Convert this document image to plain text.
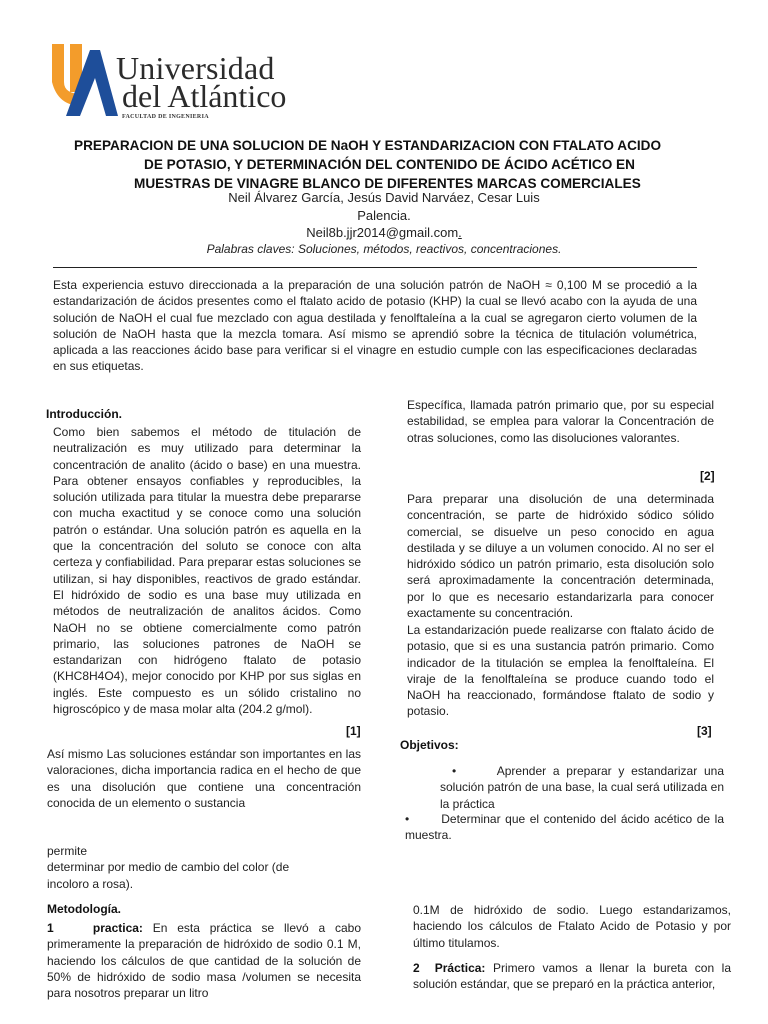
Universidad
del Atlántico
FACULTAD DE INGENIERIA
PREPARACION DE UNA SOLUCION DE NaOH Y ESTANDARIZACION CON FTALATO ACIDO
DE POTASIO, Y DETERMINACIÓN DEL CONTENIDO DE ÁCIDO ACÉTICO EN
MUESTRAS DE VINAGRE BLANCO DE DIFERENTES MARCAS COMERCIALES
Neil Álvarez García, Jesús David Narváez, Cesar Luis
Palencia.
Neil8b.jjr2014@gmail.com.
Palabras claves: Soluciones, métodos, reactivos, concentraciones.
Esta experiencia estuvo direccionada a la preparación de una solución patrón de NaOH ≈ 0,100 M se procedió a la estandarización de ácidos presentes como el ftalato acido de potasio (KHP) la cual se llevó acabo con la ayuda de una solución de NaOH el cual fue mezclado con agua destilada y fenolftaleína a la cual se agregaron cierto volumen de la solución de NaOH hasta que la mezcla tomara. Así mismo se aprendió sobre la técnica de titulación volumétrica, aplicada a las reacciones ácido base para verificar si el vinagre en estudio cumple con las especificaciones declaradas en sus etiquetas.
Introducción.
Como bien sabemos el método de titulación de neutralización es muy utilizado para determinar la concentración de analito (ácido o base) en una muestra. Para obtener ensayos confiables y reproducibles, la solución utilizada para titular la muestra debe prepararse con mucha exactitud y se conoce como una solución patrón o estándar. Una solución patrón es aquella en la que la concentración del soluto se conoce con alta certeza y confiabilidad. Para preparar estas soluciones se utilizan, si hay disponibles, reactivos de grado estándar. El hidróxido de sodio es una base muy utilizada en métodos de neutralización de analitos ácidos. Como NaOH no se obtiene comercialmente como patrón primario, las soluciones patrones de NaOH se estandarizan con hidrógeno ftalato de potasio (KHC8H4O4), mejor conocido por KHP por sus siglas en inglés. Este compuesto es un sólido cristalino no higroscópico y de masa molar alta (204.2 g/mol).
[1]
Así mismo Las soluciones estándar son importantes en las valoraciones, dicha importancia radica en el hecho de que es una disolución que contiene una concentración conocida de un elemento o sustancia

permite

determinar por medio de cambio del color (de

incoloro a rosa).

Metodología.
1	practica: En esta práctica se llevó a cabo primeramente la preparación de hidróxido de sodio 0.1 M, haciendo los cálculos de que cantidad de la solución de 50% de hidróxido de sodio masa /volumen se necesita para nosotros preparar un litro
Específica, llamada patrón primario que, por su especial estabilidad, se emplea para valorar la Concentración de otras soluciones, como las disoluciones valorantes.
[2]
Para preparar una disolución de una determinada concentración, se parte de hidróxido sódico sólido comercial, se disuelve un peso conocido en agua destilada y se diluye a un volumen conocido. Al no ser el hidróxido sódico un patrón primario, esta disolución solo será aproximadamente la concentración determinada, por lo que es necesario estandarizarla para conocer exactamente su concentración.
La estandarización puede realizarse con ftalato ácido de potasio, que si es una sustancia patrón primario. Como indicador de la titulación se emplea la fenolftaleína. El viraje de la fenolftaleína se produce cuando todo el NaOH ha reaccionado, formándose ftalato de sodio y potasio.
[3]
Objetivos:
•	Aprender a preparar y estandarizar una solución patrón de una base, la cual será utilizada en la práctica
•	Determinar que el contenido del ácido acético de la muestra.
0.1M de hidróxido de sodio. Luego estandarizamos, haciendo los cálculos de Ftalato Acido de Potasio y por último titulamos.
2 Práctica: Primero vamos a llenar la bureta con la solución estándar, que se preparó en la práctica anterior,
